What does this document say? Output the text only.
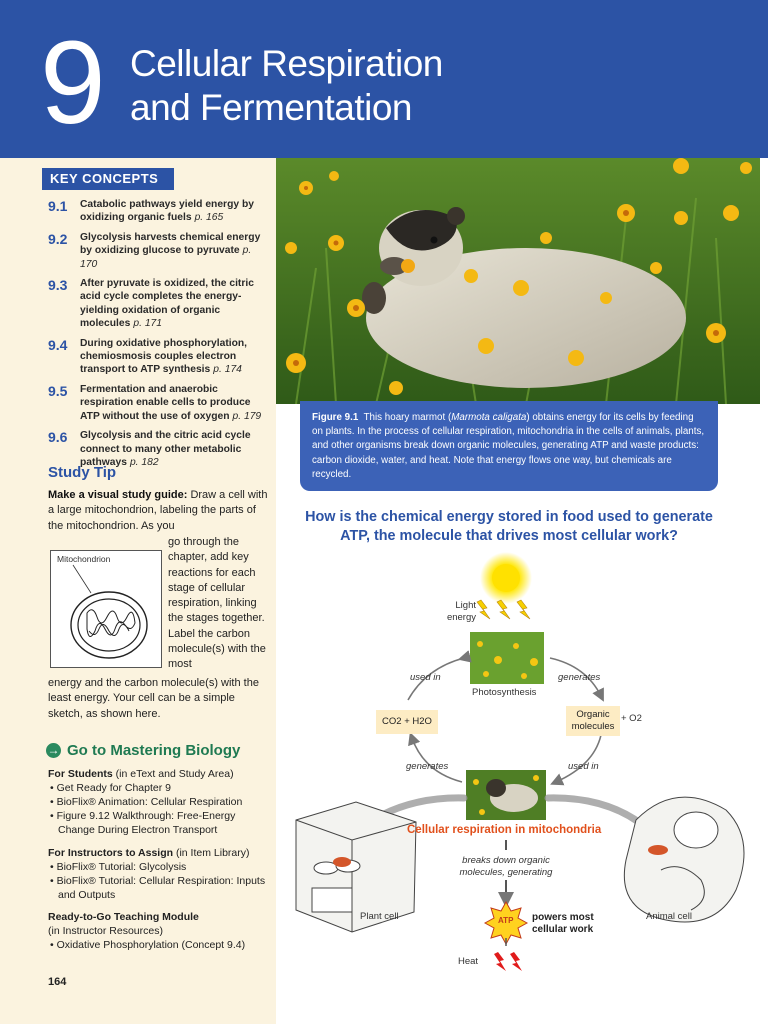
9 Cellular Respiration
and Fermentation
KEY CONCEPTS
9.1	Catabolic pathways yield energy by oxidizing organic fuels p. 165
9.2	Glycolysis harvests chemical energy by oxidizing glucose to pyruvate p. 170
9.3	After pyruvate is oxidized, the citric acid cycle completes the energy-yielding oxidation of organic molecules p. 171
9.4	During oxidative phosphorylation, chemiosmosis couples electron transport to ATP synthesis p. 174
9.5	Fermentation and anaerobic respiration enable cells to produce ATP without the use of oxygen p. 179
9.6	Glycolysis and the citric acid cycle connect to many other metabolic pathways p. 182
Study Tip
Make a visual study guide: Draw a cell with a large mitochondrion, labeling the parts of the mitochondrion. As you
Mitochondrion
go through the chapter, add key reactions for each stage of cellular respiration, linking the stages together. Label the carbon molecule(s) with the most
energy and the carbon molecule(s) with the least energy. Your cell can be a simple sketch, as shown here.
→ Go to Mastering Biology
For Students (in eText and Study Area)
• Get Ready for Chapter 9
• BioFlix® Animation: Cellular Respiration
• Figure 9.12 Walkthrough: Free-Energy Change During Electron Transport
For Instructors to Assign (in Item Library)
• BioFlix® Tutorial: Glycolysis
• BioFlix® Tutorial: Cellular Respiration: Inputs and Outputs
Ready-to-Go Teaching Module
(in Instructor Resources)
• Oxidative Phosphorylation (Concept 9.4)
164
Figure 9.1 This hoary marmot (Marmota caligata) obtains energy for its cells by feeding on plants. In the process of cellular respiration, mitochondria in the cells of animals, plants, and other organisms break down organic molecules, generating ATP and waste products: carbon dioxide, water, and heat. Note that energy flows one way, but chemicals are recycled.
How is the chemical energy stored in food used to generate ATP, the molecule that drives most cellular work?
Light energy
Photosynthesis
used in	generates
CO2 + H2O
Organic molecules
+ O2
generates	used in
Cellular respiration in mitochondria
breaks down organic molecules, generating
ATP powers most cellular work
Heat
Plant cell	Animal cell
